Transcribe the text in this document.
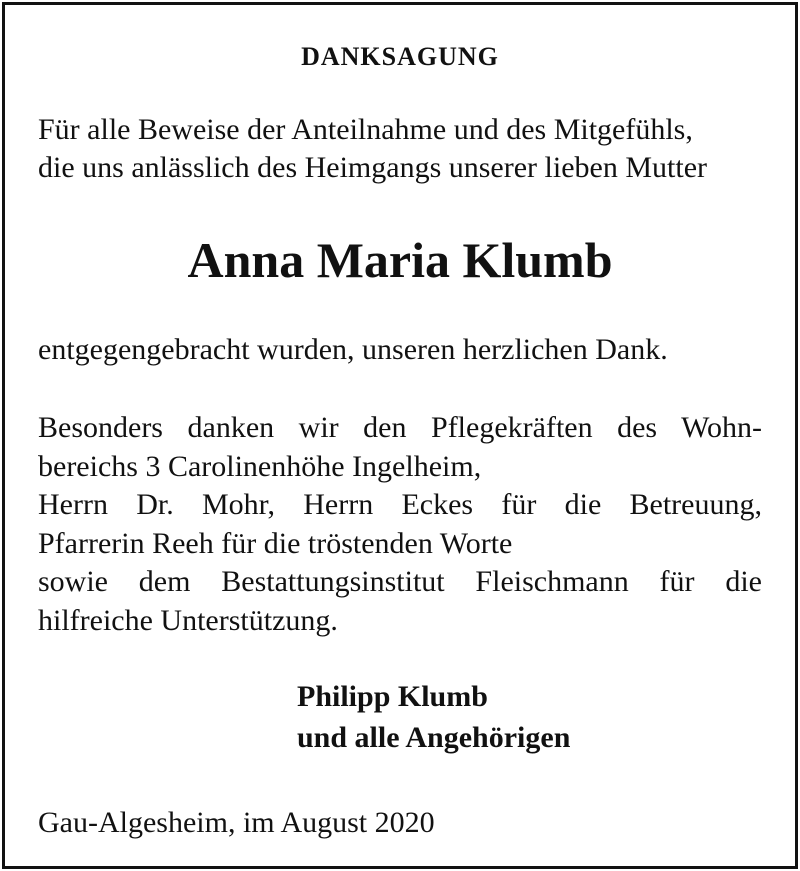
DANKSAGUNG
Für alle Beweise der Anteilnahme und des Mitgefühls,
die uns anlässlich des Heimgangs unserer lieben Mutter
Anna Maria Klumb
entgegengebracht wurden, unseren herzlichen Dank.
Besonders danken wir den Pflegekräften des Wohn-
bereichs 3 Carolinenhöhe Ingelheim,
Herrn Dr. Mohr, Herrn Eckes für die Betreuung,
Pfarrerin Reeh für die tröstenden Worte
sowie dem Bestattungsinstitut Fleischmann für die
hilfreiche Unterstützung.
Philipp Klumb
und alle Angehörigen
Gau-Algesheim, im August 2020
